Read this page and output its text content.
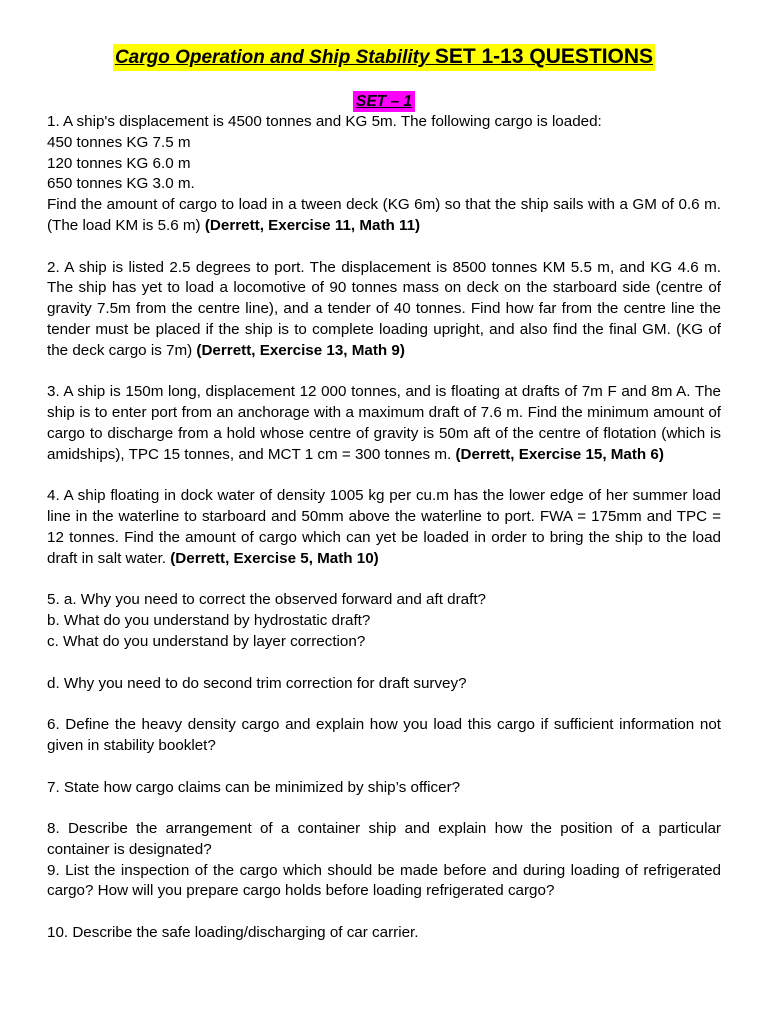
Cargo Operation and Ship Stability SET 1-13 QUESTIONS
SET – 1

1. A ship's displacement is 4500 tonnes and KG 5m. The following cargo is loaded:

450 tonnes KG 7.5 m

120 tonnes KG 6.0 m

650 tonnes KG 3.0 m.

Find the amount of cargo to load in a tween deck (KG 6m) so that the ship sails with a GM of 0.6 m. (The load KM is 5.6 m) (Derrett, Exercise 11, Math 11)

2. A ship is listed 2.5 degrees to port. The displacement is 8500 tonnes KM 5.5 m, and KG 4.6 m. The ship has yet to load a locomotive of 90 tonnes mass on deck on the starboard side (centre of gravity 7.5m from the centre line), and a tender of 40 tonnes. Find how far from the centre line the tender must be placed if the ship is to complete loading upright, and also find the final GM. (KG of the deck cargo is 7m) (Derrett, Exercise 13, Math 9)

3. A ship is 150m long, displacement 12 000 tonnes, and is floating at drafts of 7m F and 8m A. The ship is to enter port from an anchorage with a maximum draft of 7.6 m. Find the minimum amount of cargo to discharge from a hold whose centre of gravity is 50m aft of the centre of flotation (which is amidships), TPC 15 tonnes, and MCT 1 cm = 300 tonnes m. (Derrett, Exercise 15, Math 6)

4. A ship floating in dock water of density 1005 kg per cu.m has the lower edge of her summer load line in the waterline to starboard and 50mm above the waterline to port. FWA = 175mm and TPC = 12 tonnes. Find the amount of cargo which can yet be loaded in order to bring the ship to the load draft in salt water. (Derrett, Exercise 5, Math 10)

5. a. Why you need to correct the observed forward and aft draft?

b. What do you understand by hydrostatic draft?

c. What do you understand by layer correction?

d. Why you need to do second trim correction for draft survey?

6. Define the heavy density cargo and explain how you load this cargo if sufficient information not given in stability booklet?

7. State how cargo claims can be minimized by ship’s officer?

8. Describe the arrangement of a container ship and explain how the position of a particular container is designated?

9. List the inspection of the cargo which should be made before and during loading of refrigerated cargo? How will you prepare cargo holds before loading refrigerated cargo?

10. Describe the safe loading/discharging of car carrier.
